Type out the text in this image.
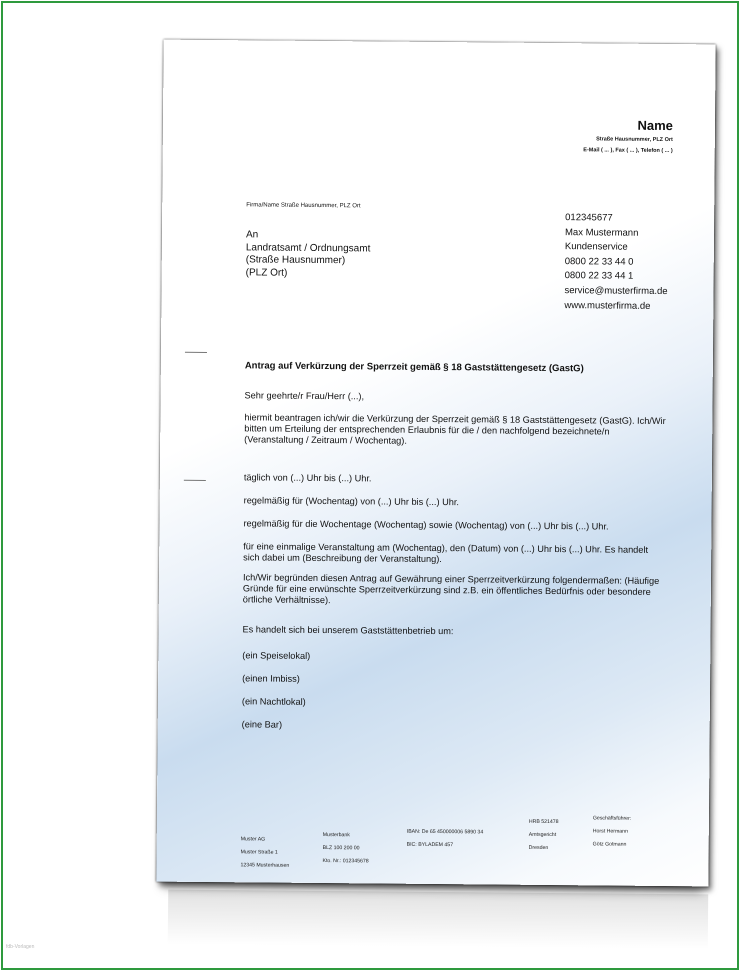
Name
Straße Hausnummer, PLZ Ort
E-Mail ( ... ), Fax ( ... ), Telefon ( ... )
Firma/Name Straße Hausnummer, PLZ Ort
An
Landratsamt / Ordnungsamt
(Straße Hausnummer)
(PLZ Ort)
012345677
Max Mustermann
Kundenservice
0800 22 33 44 0
0800 22 33 44 1
service@musterfirma.de
www.musterfirma.de
Antrag auf Verkürzung der Sperrzeit gemäß § 18 Gaststättengesetz (GastG)
Sehr geehrte/r Frau/Herr (...),
hiermit beantragen ich/wir die Verkürzung der Sperrzeit gemäß § 18 Gaststättengesetz (GastG). Ich/Wir
bitten um Erteilung der entsprechenden Erlaubnis für die / den nachfolgend bezeichnete/n
(Veranstaltung / Zeitraum / Wochentag).
täglich von (...) Uhr bis (...) Uhr.
regelmäßig für (Wochentag) von (...) Uhr bis (...) Uhr.
regelmäßig für die Wochentage (Wochentag) sowie (Wochentag) von (...) Uhr bis (...) Uhr.
für eine einmalige Veranstaltung am (Wochentag), den (Datum) von (...) Uhr bis (...) Uhr. Es handelt
sich dabei um (Beschreibung der Veranstaltung).
Ich/Wir begründen diesen Antrag auf Gewährung einer Sperrzeitverkürzung folgendermaßen: (Häufige
Gründe für eine erwünschte Sperrzeitverkürzung sind z.B. ein öffentliches Bedürfnis oder besondere
örtliche Verhältnisse).
Es handelt sich bei unserem Gaststättenbetrieb um:
(ein Speiselokal)
(einen Imbiss)
(ein Nachtlokal)
(eine Bar)
Muster AG
Muster Straße 1
12345 Musterhausen
Musterbank
BLZ 100 200 00
Kto. Nr.: 012345678
IBAN: De 65 450000006 5890 34
BIC: BYLADEM 457
HRB 521478
Amtsgericht
Dresden
Geschäftsführer:
Horst Hermann
Götz Gotmann
fdb-Vorlagen
